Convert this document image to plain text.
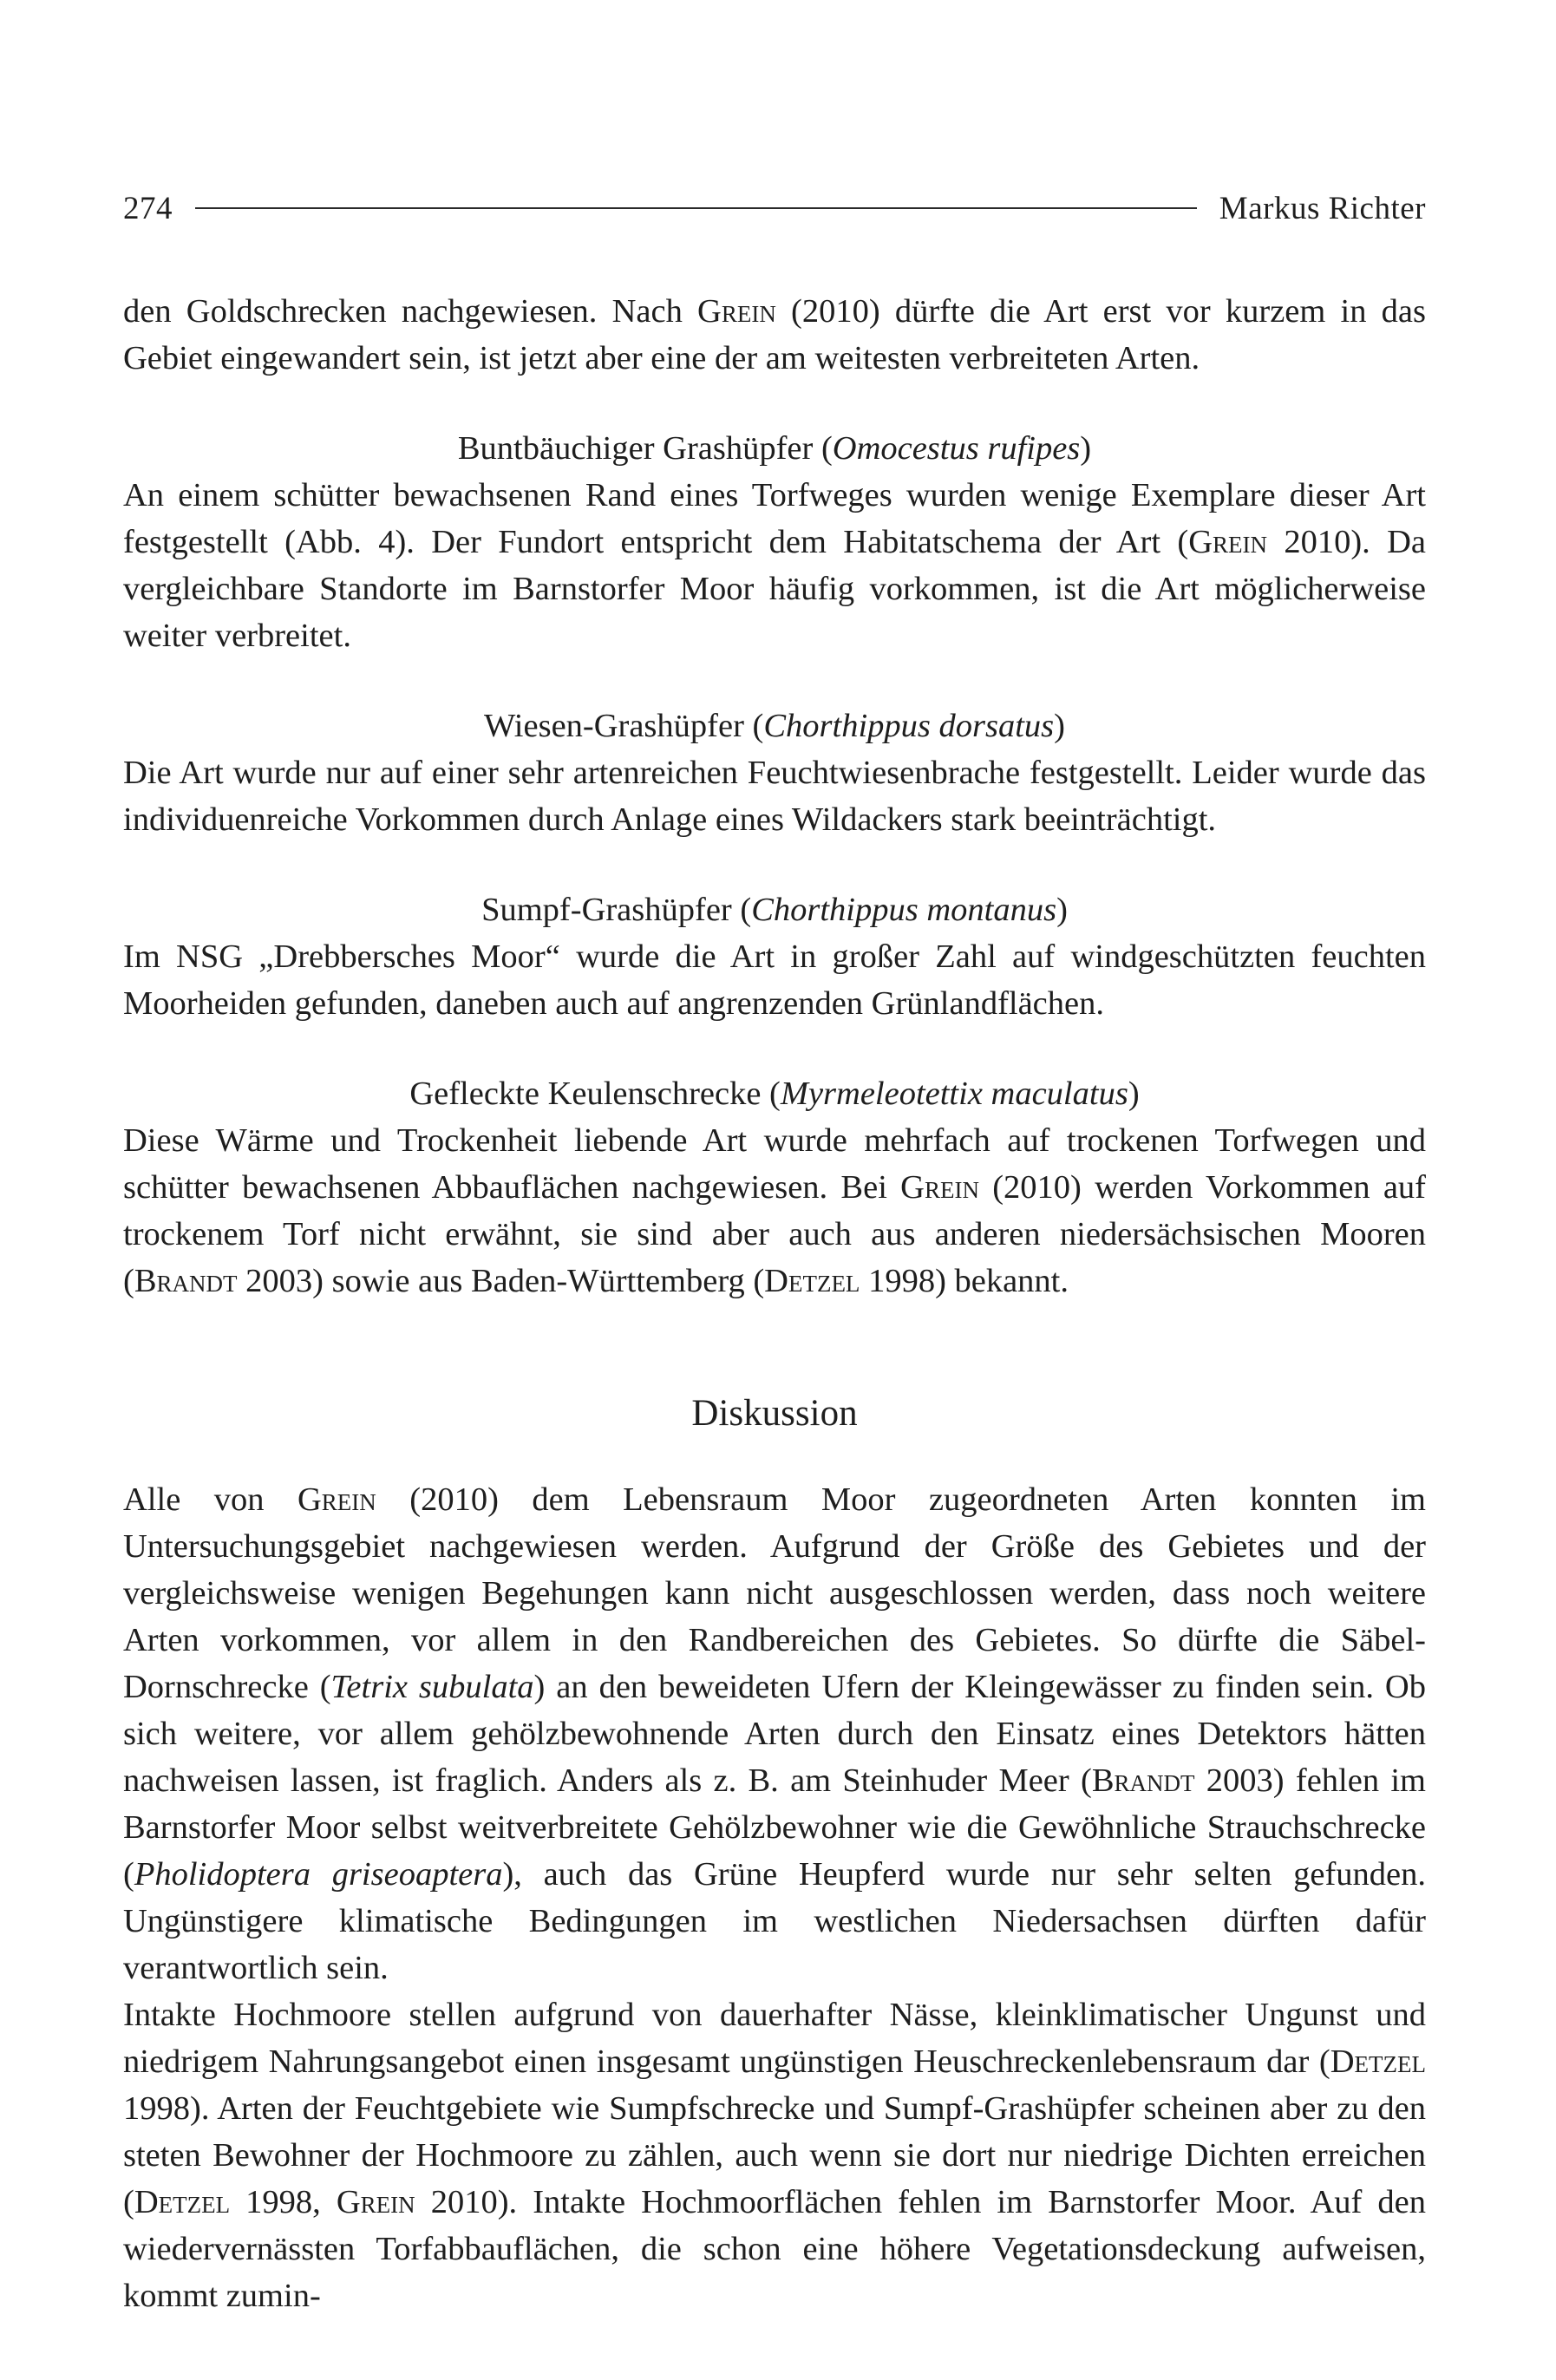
274	Markus Richter

den Goldschrecken nachgewiesen. Nach Grein (2010) dürfte die Art erst vor kurzem in das Gebiet eingewandert sein, ist jetzt aber eine der am weitesten verbreiteten Arten.

Buntbäuchiger Grashüpfer (Omocestus rufipes)

An einem schütter bewachsenen Rand eines Torfweges wurden wenige Exemplare dieser Art festgestellt (Abb. 4). Der Fundort entspricht dem Habitatschema der Art (Grein 2010). Da vergleichbare Standorte im Barnstorfer Moor häufig vorkommen, ist die Art möglicherweise weiter verbreitet.

Wiesen-Grashüpfer (Chorthippus dorsatus)

Die Art wurde nur auf einer sehr artenreichen Feuchtwiesenbrache festgestellt. Leider wurde das individuenreiche Vorkommen durch Anlage eines Wildackers stark beeinträchtigt.

Sumpf-Grashüpfer (Chorthippus montanus)

Im NSG „Drebbersches Moor“ wurde die Art in großer Zahl auf windgeschützten feuchten Moorheiden gefunden, daneben auch auf angrenzenden Grünlandflächen.

Gefleckte Keulenschrecke (Myrmeleotettix maculatus)

Diese Wärme und Trockenheit liebende Art wurde mehrfach auf trockenen Torfwegen und schütter bewachsenen Abbauflächen nachgewiesen. Bei Grein (2010) werden Vorkommen auf trockenem Torf nicht erwähnt, sie sind aber auch aus anderen niedersächsischen Mooren (Brandt 2003) sowie aus Baden-Württemberg (Detzel 1998) bekannt.

Diskussion

Alle von Grein (2010) dem Lebensraum Moor zugeordneten Arten konnten im Untersuchungsgebiet nachgewiesen werden. Aufgrund der Größe des Gebietes und der vergleichsweise wenigen Begehungen kann nicht ausgeschlossen werden, dass noch weitere Arten vorkommen, vor allem in den Randbereichen des Gebietes. So dürfte die Säbel-Dornschrecke (Tetrix subulata) an den beweideten Ufern der Kleingewässer zu finden sein. Ob sich weitere, vor allem gehölzbewohnende Arten durch den Einsatz eines Detektors hätten nachweisen lassen, ist fraglich. Anders als z. B. am Steinhuder Meer (Brandt 2003) fehlen im Barnstorfer Moor selbst weitverbreitete Gehölzbewohner wie die Gewöhnliche Strauchschrecke (Pholidoptera griseoaptera), auch das Grüne Heupferd wurde nur sehr selten gefunden. Ungünstigere klimatische Bedingungen im westlichen Niedersachsen dürften dafür verantwortlich sein.

Intakte Hochmoore stellen aufgrund von dauerhafter Nässe, kleinklimatischer Ungunst und niedrigem Nahrungsangebot einen insgesamt ungünstigen Heuschreckenlebensraum dar (Detzel 1998). Arten der Feuchtgebiete wie Sumpfschrecke und Sumpf-Grashüpfer scheinen aber zu den steten Bewohner der Hochmoore zu zählen, auch wenn sie dort nur niedrige Dichten erreichen (Detzel 1998, Grein 2010). Intakte Hochmoorflächen fehlen im Barnstorfer Moor. Auf den wiedervernässten Torfabbauflächen, die schon eine höhere Vegetationsdeckung aufweisen, kommt zumin-
